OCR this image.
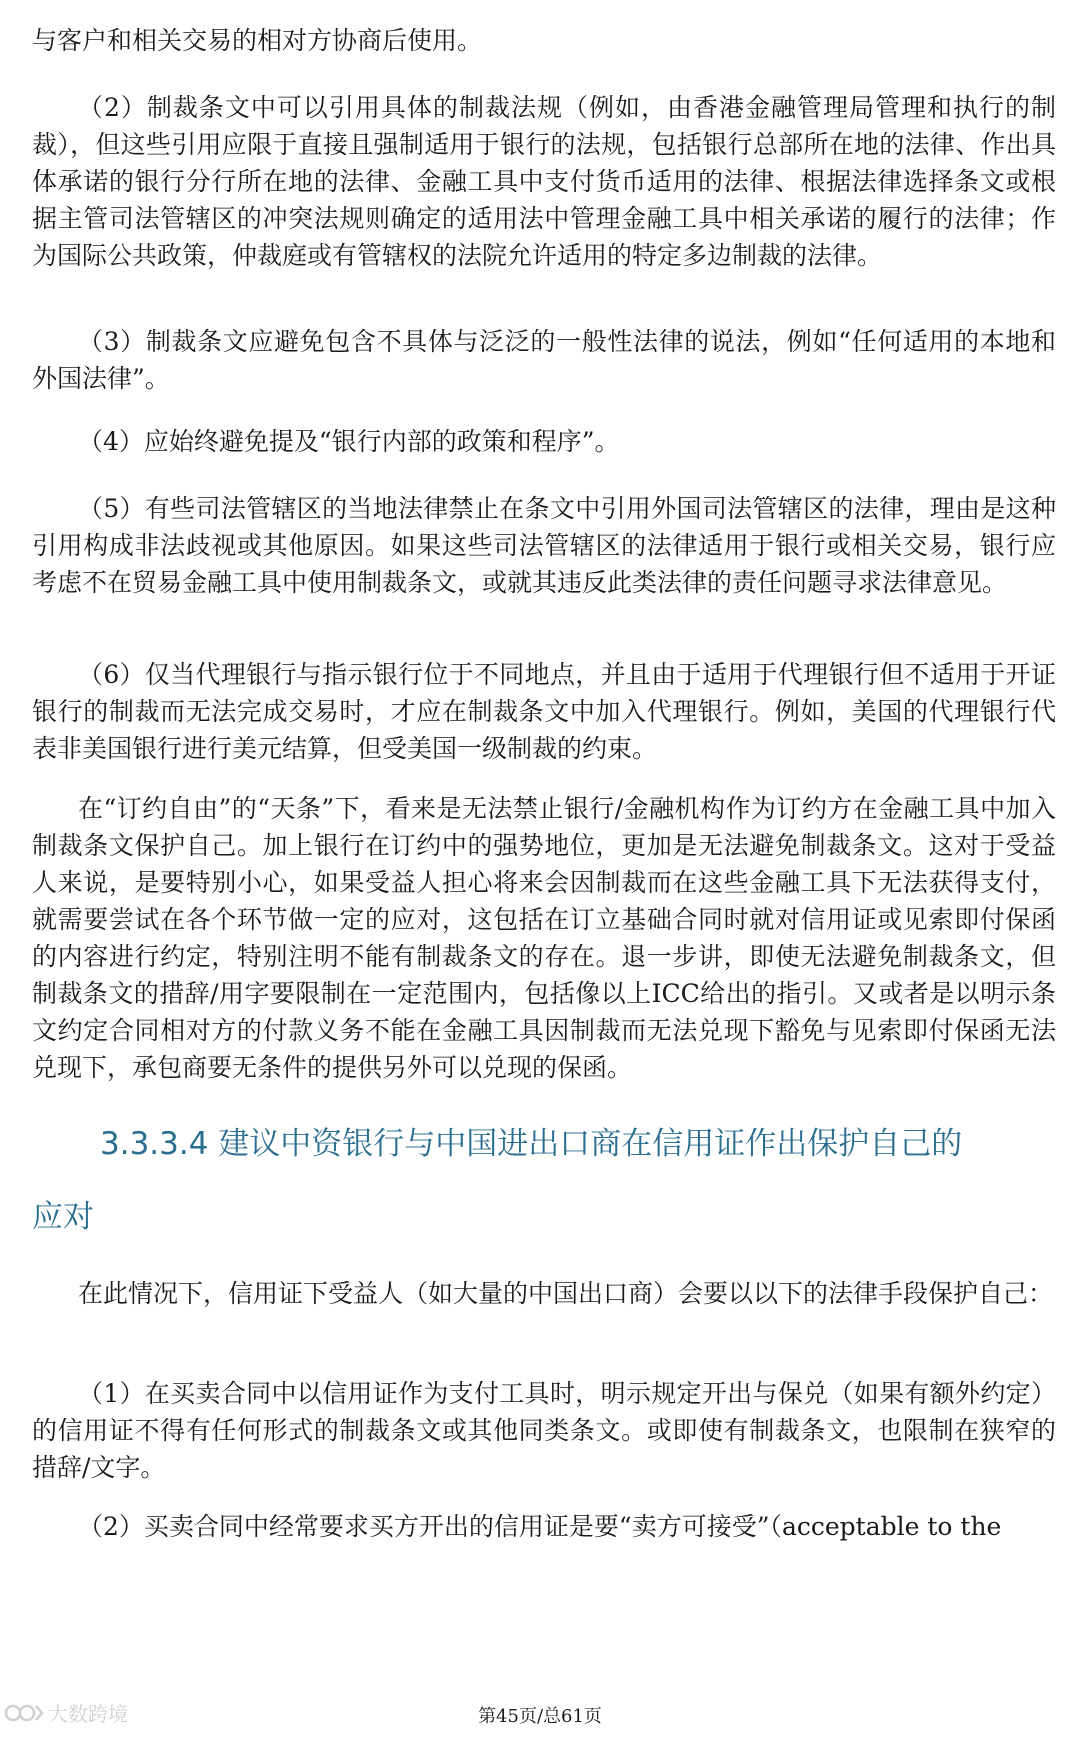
与客户和相关交易的相对方协商后使用。

（2）制裁条文中可以引用具体的制裁法规（例如，由香港金融管理局管理和执行的制裁），但这些引用应限于直接且强制适用于银行的法规，包括银行总部所在地的法律、作出具体承诺的银行分行所在地的法律、金融工具中支付货币适用的法律、根据法律选择条文或根据主管司法管辖区的冲突法规则确定的适用法中管理金融工具中相关承诺的履行的法律；作为国际公共政策，仲裁庭或有管辖权的法院允许适用的特定多边制裁的法律。

（3）制裁条文应避免包含不具体与泛泛的一般性法律的说法，例如“任何适用的本地和外国法律”。

（4）应始终避免提及“银行内部的政策和程序”。

（5）有些司法管辖区的当地法律禁止在条文中引用外国司法管辖区的法律，理由是这种引用构成非法歧视或其他原因。如果这些司法管辖区的法律适用于银行或相关交易，银行应考虑不在贸易金融工具中使用制裁条文，或就其违反此类法律的责任问题寻求法律意见。

（6）仅当代理银行与指示银行位于不同地点，并且由于适用于代理银行但不适用于开证银行的制裁而无法完成交易时，才应在制裁条文中加入代理银行。例如，美国的代理银行代表非美国银行进行美元结算，但受美国一级制裁的约束。

在“订约自由”的“天条”下，看来是无法禁止银行/金融机构作为订约方在金融工具中加入制裁条文保护自己。加上银行在订约中的强势地位，更加是无法避免制裁条文。这对于受益人来说，是要特别小心，如果受益人担心将来会因制裁而在这些金融工具下无法获得支付，就需要尝试在各个环节做一定的应对，这包括在订立基础合同时就对信用证或见索即付保函的内容进行约定，特别注明不能有制裁条文的存在。退一步讲，即使无法避免制裁条文，但制裁条文的措辞/用字要限制在一定范围内，包括像以上ICC给出的指引。又或者是以明示条文约定合同相对方的付款义务不能在金融工具因制裁而无法兑现下豁免与见索即付保函无法兑现下，承包商要无条件的提供另外可以兑现的保函。

3.3.3.4 建议中资银行与中国进出口商在信用证作出保护自己的
应对

在此情况下，信用证下受益人（如大量的中国出口商）会要以以下的法律手段保护自己：

（1）在买卖合同中以信用证作为支付工具时，明示规定开出与保兑（如果有额外约定）的信用证不得有任何形式的制裁条文或其他同类条文。或即使有制裁条文，也限制在狭窄的措辞/文字。

（2）买卖合同中经常要求买方开出的信用证是要“卖方可接受”（acceptable to the

大数跨境	第45页/总61页
